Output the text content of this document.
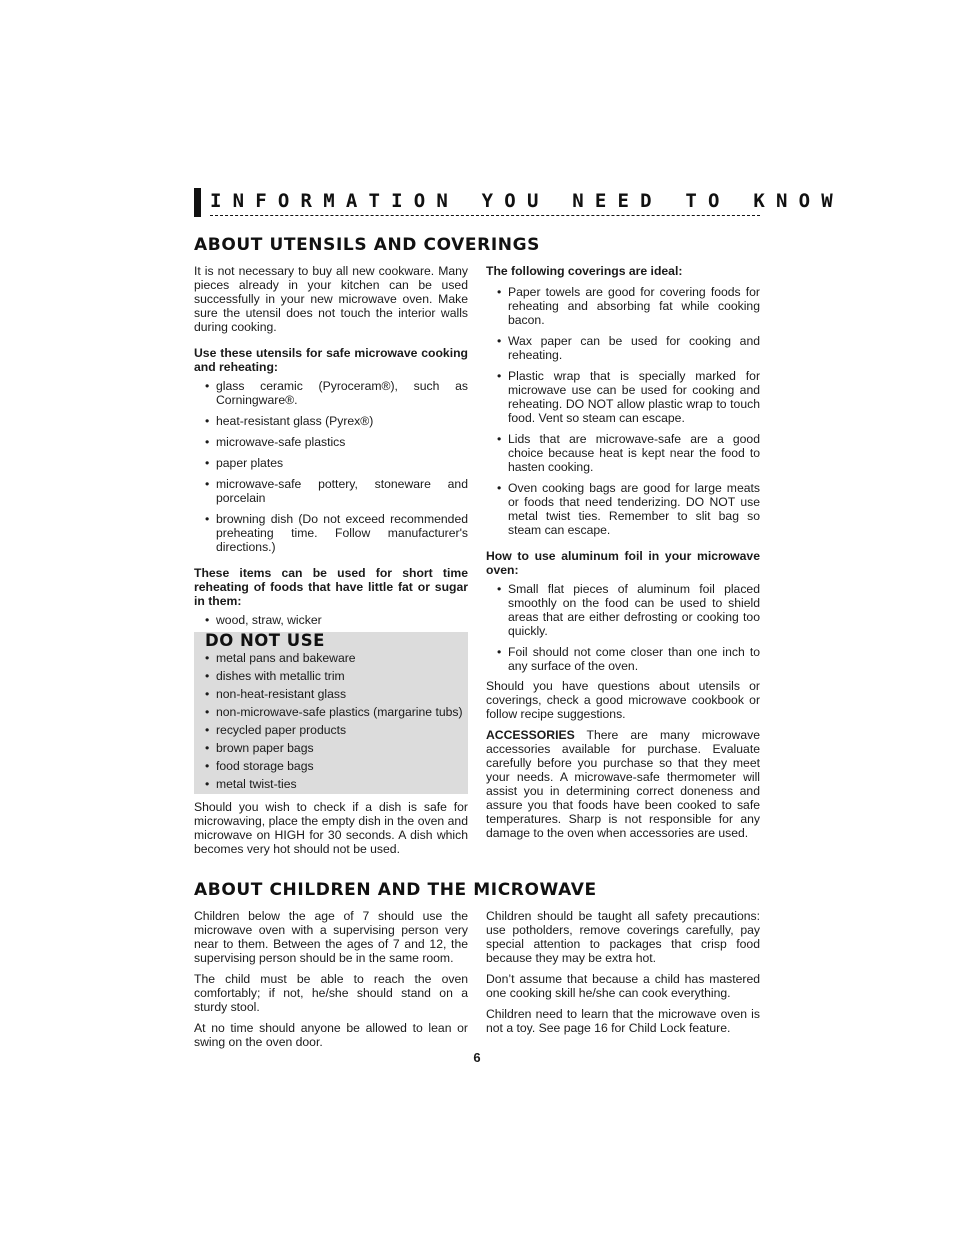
INFORMATION YOU NEED TO KNOW
ABOUT UTENSILS AND COVERINGS

It is not necessary to buy all new cookware. Many pieces already in your kitchen can be used successfully in your new microwave oven. Make sure the utensil does not touch the interior walls during cooking.

Use these utensils for safe microwave cooking and reheating:

• glass ceramic (Pyroceram®), such as Corningware®.
• heat-resistant glass (Pyrex®)
• microwave-safe plastics
• paper plates
• microwave-safe pottery, stoneware and porcelain
• browning dish (Do not exceed recommended preheating time. Follow manufacturer's directions.)

These items can be used for short time reheating of foods that have little fat or sugar in them:

• wood, straw, wicker
DO NOT USE
• metal pans and bakeware
• dishes with metallic trim
• non-heat-resistant glass
• non-microwave-safe plastics (margarine tubs)
• recycled paper products
• brown paper bags
• food storage bags
• metal twist-ties

Should you wish to check if a dish is safe for microwaving, place the empty dish in the oven and microwave on HIGH for 30 seconds. A dish which becomes very hot should not be used.

The following coverings are ideal:

• Paper towels are good for covering foods for reheating and absorbing fat while cooking bacon.
• Wax paper can be used for cooking and reheating.
• Plastic wrap that is specially marked for microwave use can be used for cooking and reheating. DO NOT allow plastic wrap to touch food. Vent so steam can escape.
• Lids that are microwave-safe are a good choice because heat is kept near the food to hasten cooking.
• Oven cooking bags are good for large meats or foods that need tenderizing. DO NOT use metal twist ties. Remember to slit bag so steam can escape.

How to use aluminum foil in your microwave oven:

• Small flat pieces of aluminum foil placed smoothly on the food can be used to shield areas that are either defrosting or cooking too quickly.
• Foil should not come closer than one inch to any surface of the oven.

Should you have questions about utensils or coverings, check a good microwave cookbook or follow recipe suggestions.

ACCESSORIES There are many microwave accessories available for purchase. Evaluate carefully before you purchase so that they meet your needs. A microwave-safe thermometer will assist you in determining correct doneness and assure you that foods have been cooked to safe temperatures. Sharp is not responsible for any damage to the oven when accessories are used.

ABOUT CHILDREN AND THE MICROWAVE

Children below the age of 7 should use the microwave oven with a supervising person very near to them. Between the ages of 7 and 12, the supervising person should be in the same room.

The child must be able to reach the oven comfortably; if not, he/she should stand on a sturdy stool.

At no time should anyone be allowed to lean or swing on the oven door.

Children should be taught all safety precautions: use potholders, remove coverings carefully, pay special attention to packages that crisp food because they may be extra hot.

Don’t assume that because a child has mastered one cooking skill he/she can cook everything.

Children need to learn that the microwave oven is not a toy. See page 16 for Child Lock feature.

6
